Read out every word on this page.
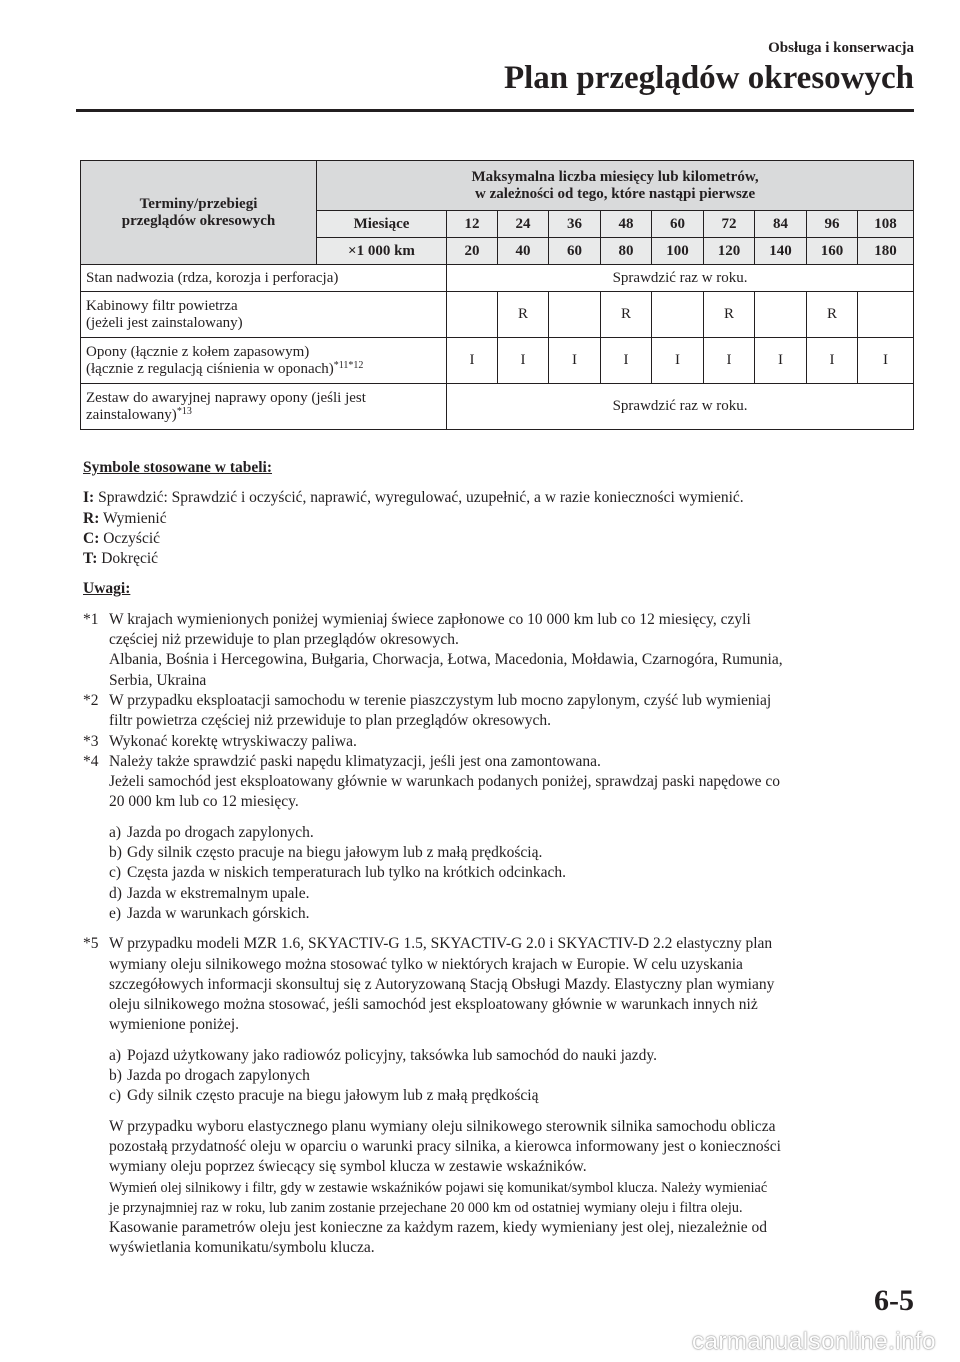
Obsługa i konserwacja
Plan przeglądów okresowych
Terminy/przebiegi
przeglądów okresowych	Maksymalna liczba miesięcy lub kilometrów,
w zależności od tego, które nastąpi pierwsze									
	Miesiące	12	24	36	48	60	72	84	96	108
	×1 000 km	20	40	60	80	100	120	140	160	180
Stan nadwozia (rdza, korozja i perforacja)		Sprawdzić raz w roku.								
Kabinowy filtr powietrza
(jeżeli jest zainstalowany)			R		R		R		R	
Opony (łącznie z kołem zapasowym)
(łącznie z regulacją ciśnienia w oponach)$^{*11*12}$		I	I	I	I	I	I	I	I	I
Zestaw do awaryjnej naprawy opony (jeśli jest
zainstalowany)$^{*13}$		Sprawdzić raz w roku.								

Symbole stosowane w tabeli:

I: Sprawdzić: Sprawdzić i oczyścić, naprawić, wyregulować, uzupełnić, a w razie konieczności wymienić.

R: Wymienić

C: Oczyścić

T: Dokręcić

Uwagi:

*1 W krajach wymienionych poniżej wymieniaj świece zapłonowe co 10 000 km lub co 12 miesięcy, czyli

częściej niż przewiduje to plan przeglądów okresowych.

Albania, Bośnia i Hercegowina, Bułgaria, Chorwacja, Łotwa, Macedonia, Mołdawia, Czarnogóra, Rumunia,

Serbia, Ukraina

*2 W przypadku eksploatacji samochodu w terenie piaszczystym lub mocno zapylonym, czyść lub wymieniaj

filtr powietrza częściej niż przewiduje to plan przeglądów okresowych.

*3 Wykonać korektę wtryskiwaczy paliwa.

*4 Należy także sprawdzić paski napędu klimatyzacji, jeśli jest ona zamontowana.

Jeżeli samochód jest eksploatowany głównie w warunkach podanych poniżej, sprawdzaj paski napędowe co

20 000 km lub co 12 miesięcy.

a) Jazda po drogach zapylonych.
b) Gdy silnik często pracuje na biegu jałowym lub z małą prędkością.
c) Częsta jazda w niskich temperaturach lub tylko na krótkich odcinkach.
d) Jazda w ekstremalnym upale.
e) Jazda w warunkach górskich.
*5 W przypadku modeli MZR 1.6, SKYACTIV-G 1.5, SKYACTIV-G 2.0 i SKYACTIV-D 2.2 elastyczny plan

wymiany oleju silnikowego można stosować tylko w niektórych krajach w Europie. W celu uzyskania

szczegółowych informacji skonsultuj się z Autoryzowaną Stacją Obsługi Mazdy. Elastyczny plan wymiany

oleju silnikowego można stosować, jeśli samochód jest eksploatowany głównie w warunkach innych niż

wymienione poniżej.

a) Pojazd użytkowany jako radiowóz policyjny, taksówka lub samochód do nauki jazdy.
b) Jazda po drogach zapylonych
c) Gdy silnik często pracuje na biegu jałowym lub z małą prędkością

W przypadku wyboru elastycznego planu wymiany oleju silnikowego sterownik silnika samochodu oblicza

pozostałą przydatność oleju w oparciu o warunki pracy silnika, a kierowca informowany jest o konieczności

wymiany oleju poprzez świecący się symbol klucza w zestawie wskaźników.

Wymień olej silnikowy i filtr, gdy w zestawie wskaźników pojawi się komunikat/symbol klucza. Należy wymieniać

je przynajmniej raz w roku, lub zanim zostanie przejechane 20 000 km od ostatniej wymiany oleju i filtra oleju.

Kasowanie parametrów oleju jest konieczne za każdym razem, kiedy wymieniany jest olej, niezależnie od

wyświetlania komunikatu/symbolu klucza.

6-5
carmanualsonline.info
